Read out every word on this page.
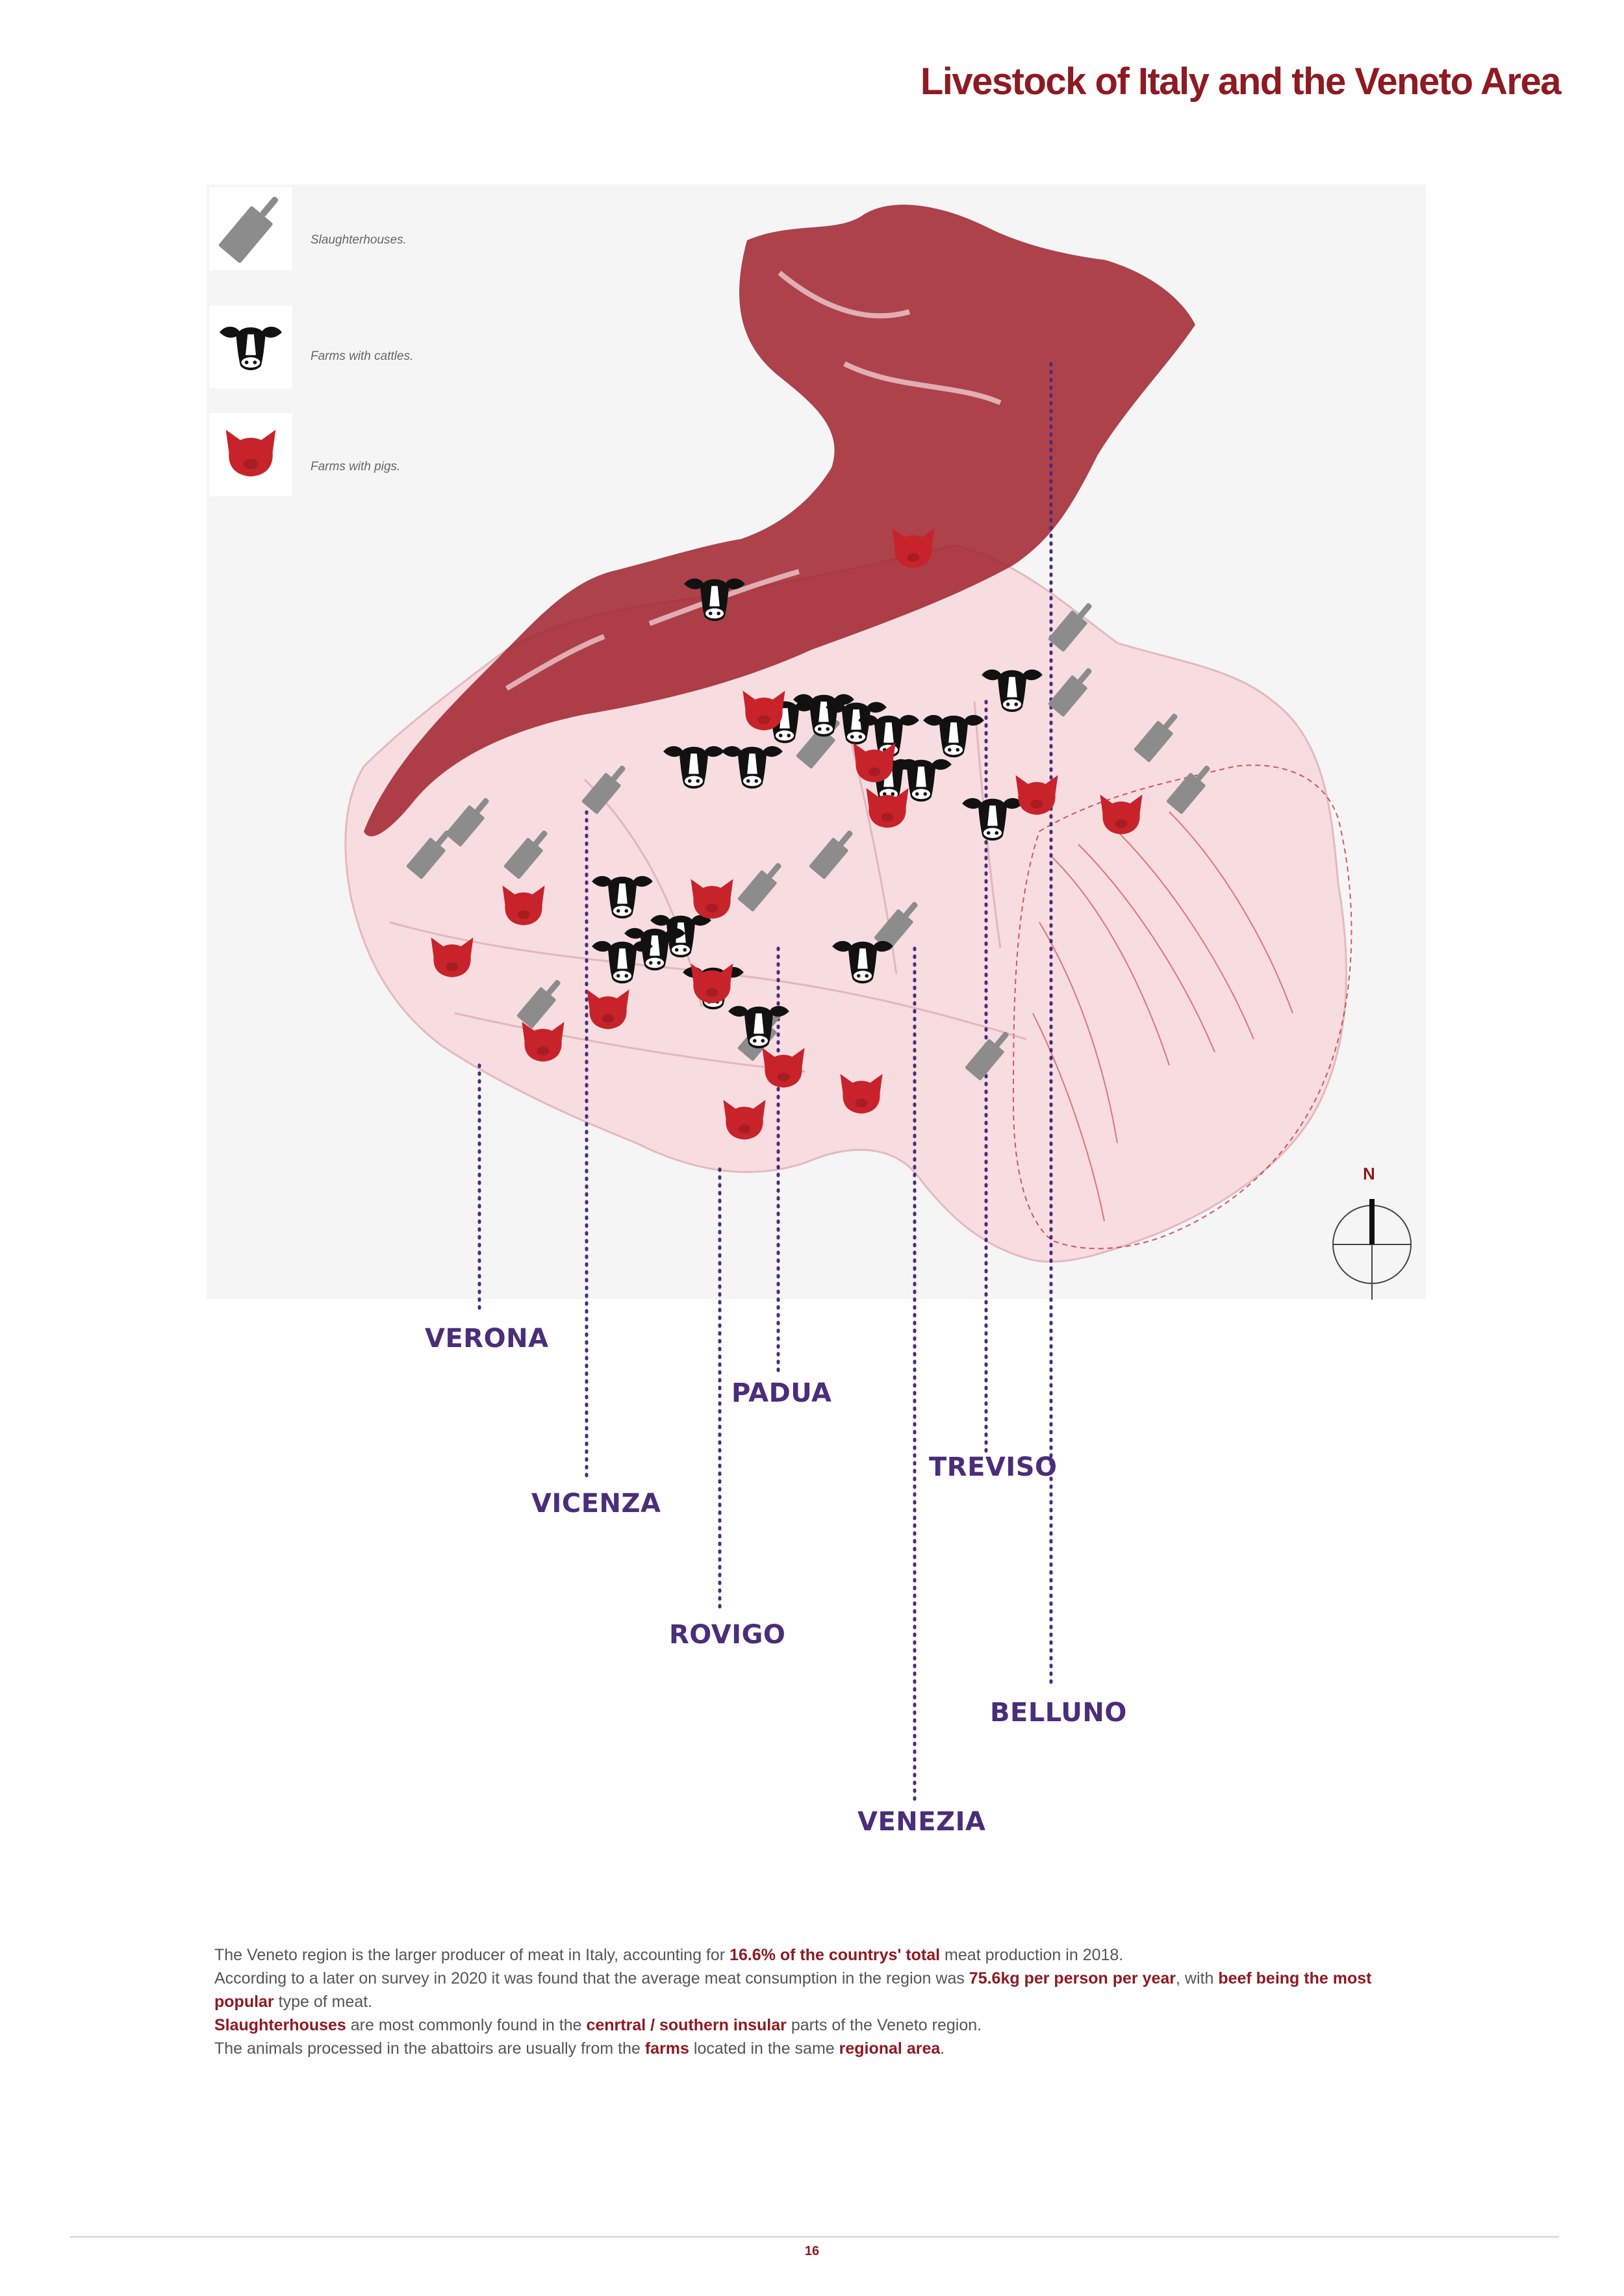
Livestock of Italy and the Veneto Area
Slaughterhouses.
Farms with cattles.
Farms with pigs.
N
VERONA
VICENZA
PADUA
ROVIGO
TREVISO
BELLUNO
VENEZIA

The Veneto region is the larger producer of meat in Italy, accounting for 16.6% of the countrys' total meat production in 2018.

According to a later on survey in 2020 it was found that the average meat consumption in the region was 75.6kg per person per year, with beef being the most popular type of meat.

Slaughterhouses are most commonly found in the cenrtral / southern insular parts of the Veneto region.

The animals processed in the abattoirs are usually from the farms located in the same regional area.

16
